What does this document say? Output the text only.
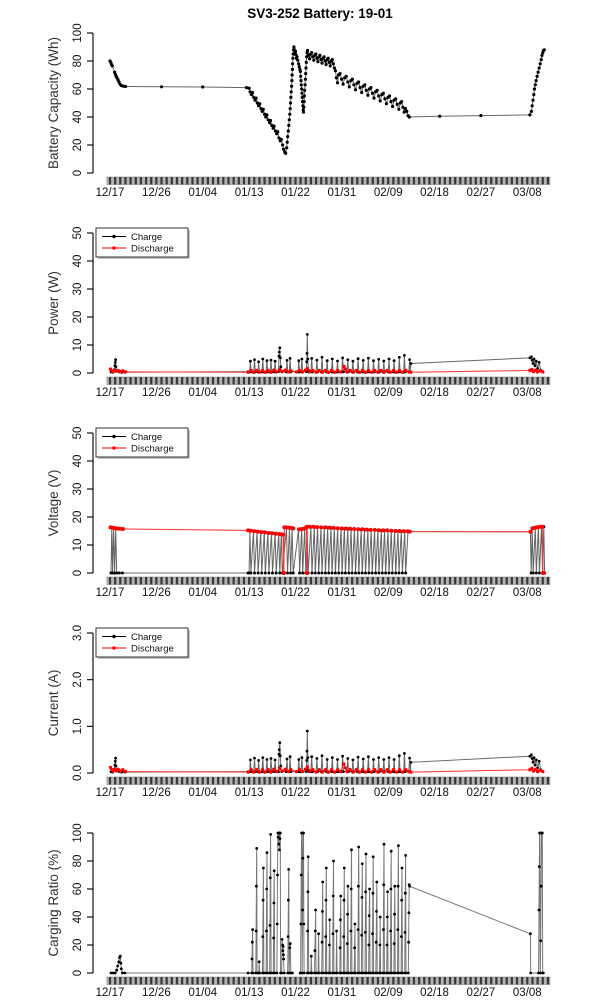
SV3-252 Battery: 19-01
12/17 12/26 01/04 01/13 01/22 01/31 02/09 02/18 02/27 03/08
0
20
40
60
80
100
Battery Capacity (Wh)
12/17 12/26 01/04 01/13 01/22 01/31 02/09 02/18 02/27 03/08
0
10
20
30
40
50
Power (W)
Charge
Discharge
12/17 12/26 01/04 01/13 01/22 01/31 02/09 02/18 02/27 03/08
0
10
20
30
40
50
Voltage (V)
Charge
Discharge
12/17 12/26 01/04 01/13 01/22 01/31 02/09 02/18 02/27 03/08
0.0
1.0
2.0
3.0
Current (A)
Charge
Discharge
12/17 12/26 01/04 01/13 01/22 01/31 02/09 02/18 02/27 03/08
0
20
40
60
80
100
Carging Ratio (%)
